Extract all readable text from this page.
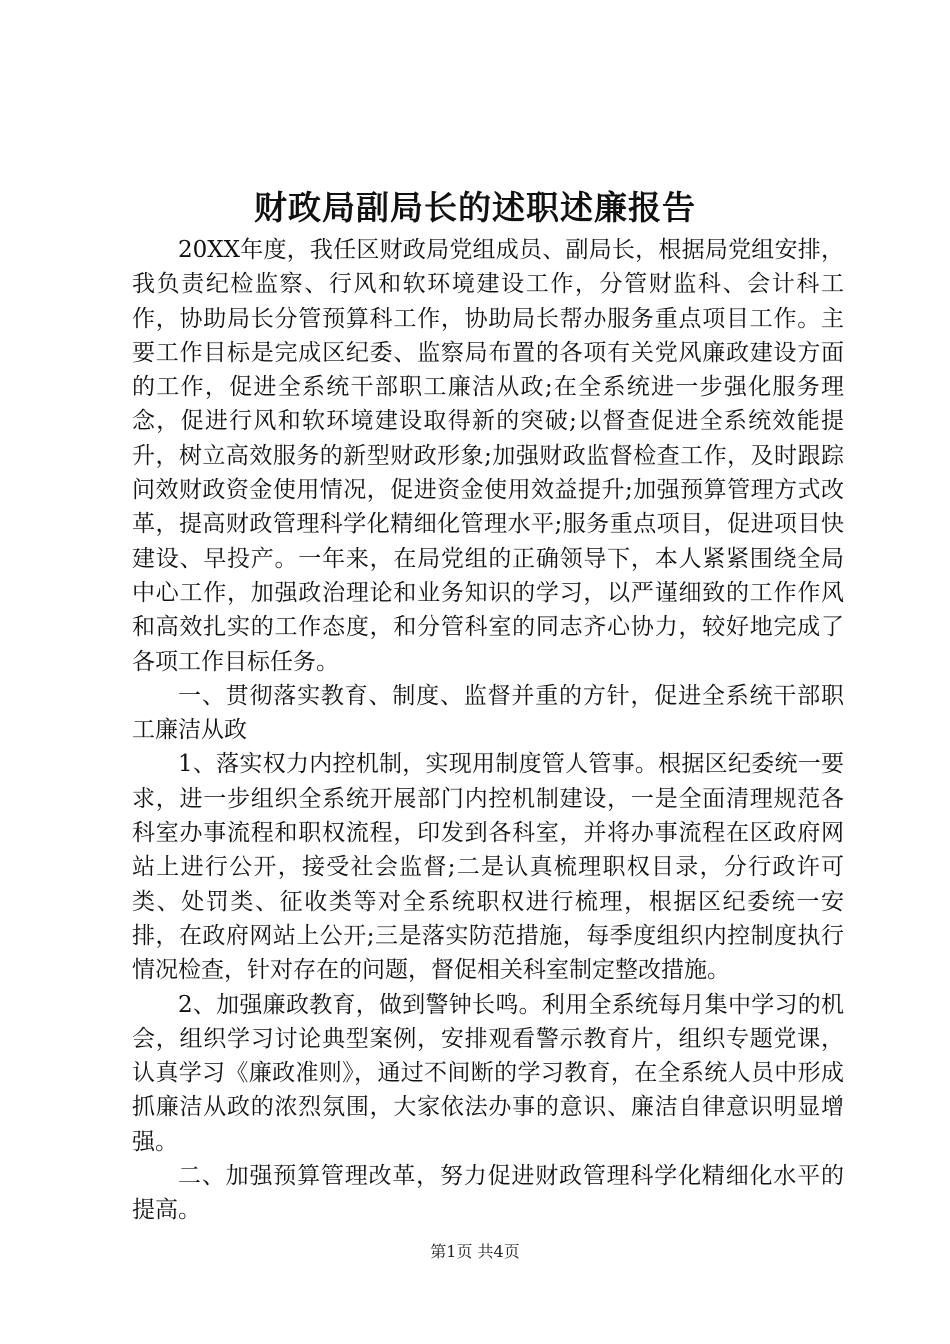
财政局副局长的述职述廉报告

20XX年度，我任区财政局党组成员、副局长，根据局党组安排，我负责纪检监察、行风和软环境建设工作，分管财监科、会计科工作，协助局长分管预算科工作，协助局长帮办服务重点项目工作。主要工作目标是完成区纪委、监察局布置的各项有关党风廉政建设方面的工作，促进全系统干部职工廉洁从政;在全系统进一步强化服务理念，促进行风和软环境建设取得新的突破;以督查促进全系统效能提升，树立高效服务的新型财政形象;加强财政监督检查工作，及时跟踪问效财政资金使用情况，促进资金使用效益提升;加强预算管理方式改革，提高财政管理科学化精细化管理水平;服务重点项目，促进项目快建设、早投产。一年来，在局党组的正确领导下，本人紧紧围绕全局中心工作，加强政治理论和业务知识的学习，以严谨细致的工作作风和高效扎实的工作态度，和分管科室的同志齐心协力，较好地完成了各项工作目标任务。

一、贯彻落实教育、制度、监督并重的方针，促进全系统干部职工廉洁从政

1、落实权力内控机制，实现用制度管人管事。根据区纪委统一要求，进一步组织全系统开展部门内控机制建设，一是全面清理规范各科室办事流程和职权流程，印发到各科室，并将办事流程在区政府网站上进行公开，接受社会监督;二是认真梳理职权目录，分行政许可类、处罚类、征收类等对全系统职权进行梳理，根据区纪委统一安排，在政府网站上公开;三是落实防范措施，每季度组织内控制度执行情况检查，针对存在的问题，督促相关科室制定整改措施。

2、加强廉政教育，做到警钟长鸣。利用全系统每月集中学习的机会，组织学习讨论典型案例，安排观看警示教育片，组织专题党课，认真学习《廉政准则》，通过不间断的学习教育，在全系统人员中形成抓廉洁从政的浓烈氛围，大家依法办事的意识、廉洁自律意识明显增强。

二、加强预算管理改革，努力促进财政管理科学化精细化水平的提高。

第1页 共4页
